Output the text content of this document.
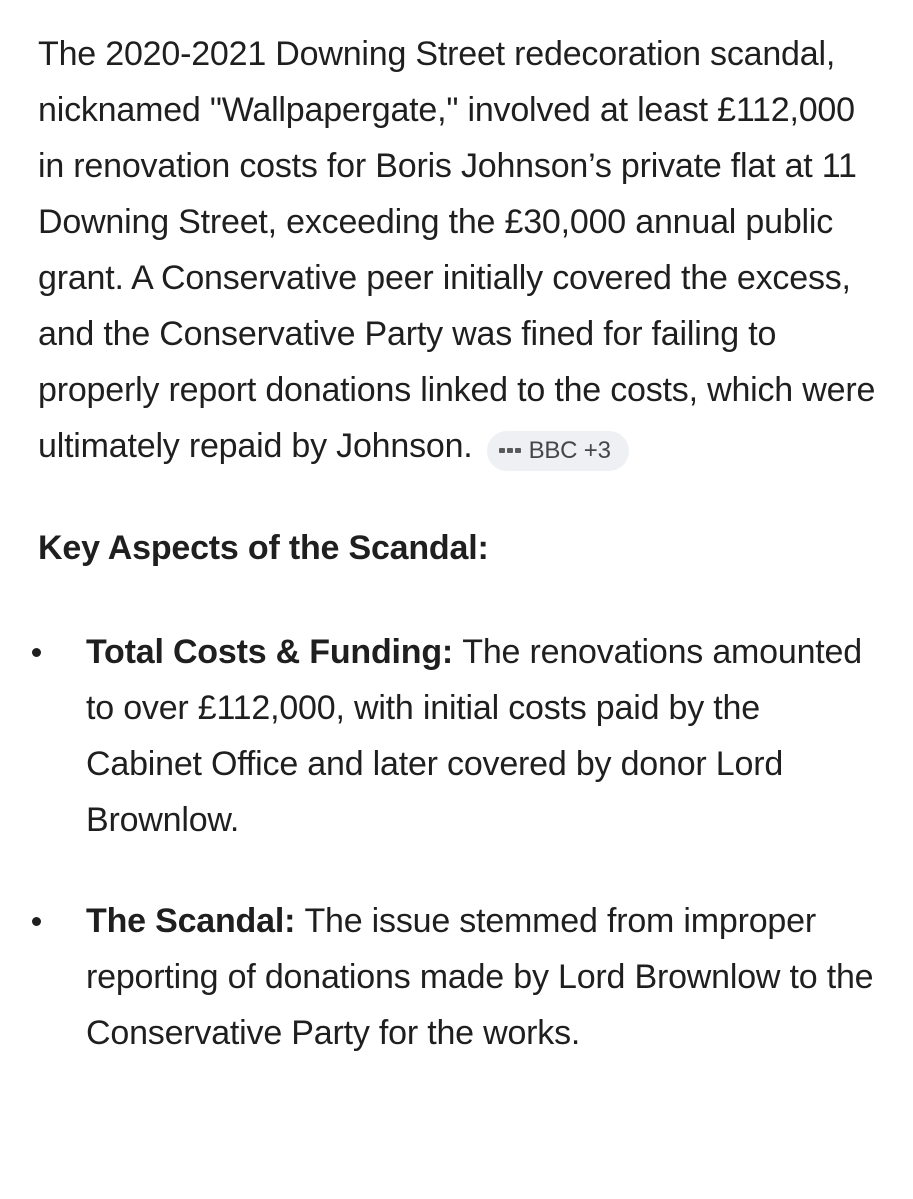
The 2020-2021 Downing Street redecoration scandal, nicknamed "Wallpapergate," involved at least £112,000 in renovation costs for Boris Johnson’s private flat at 11 Downing Street, exceeding the £30,000 annual public grant. A Conservative peer initially covered the excess, and the Conservative Party was fined for failing to properly report donations linked to the costs, which were ultimately repaid by Johnson. BBC +3

Key Aspects of the Scandal:
Total Costs & Funding: The renovations amounted to over £112,000, with initial costs paid by the Cabinet Office and later covered by donor Lord Brownlow.
The Scandal: The issue stemmed from improper reporting of donations made by Lord Brownlow to the Conservative Party for the works.
